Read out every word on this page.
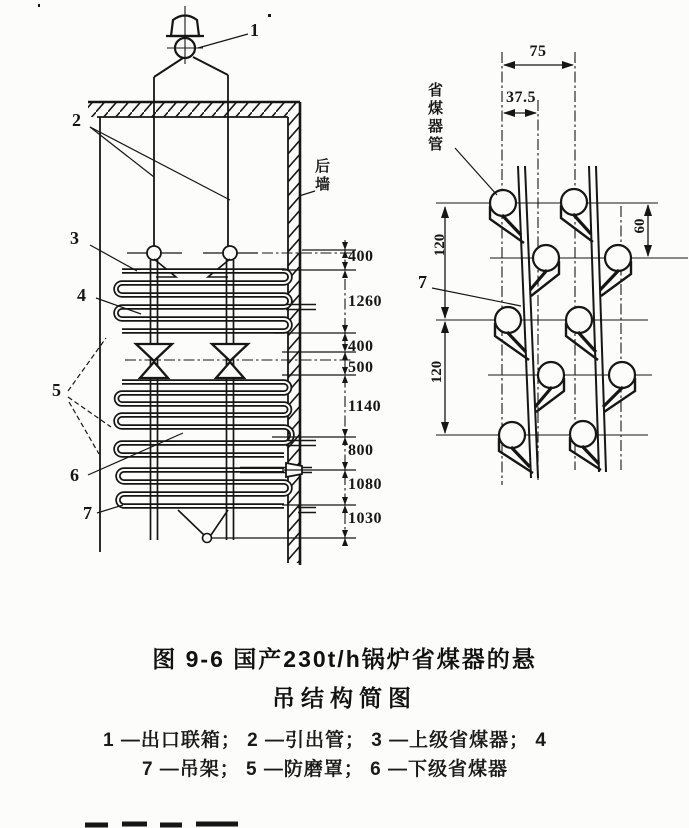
1
2
3
4
5
6
7
后墙
400
1260
400
500
1140
800
1080
1030
75
37.5
120
120
60
省煤器管
7
图 9-6 国产230t/h锅炉省煤器的悬
吊结构简图
1 —出口联箱； 2 —引出管； 3 —上级省煤器； 4
7 —吊架； 5 —防磨罩； 6 —下级省煤器
